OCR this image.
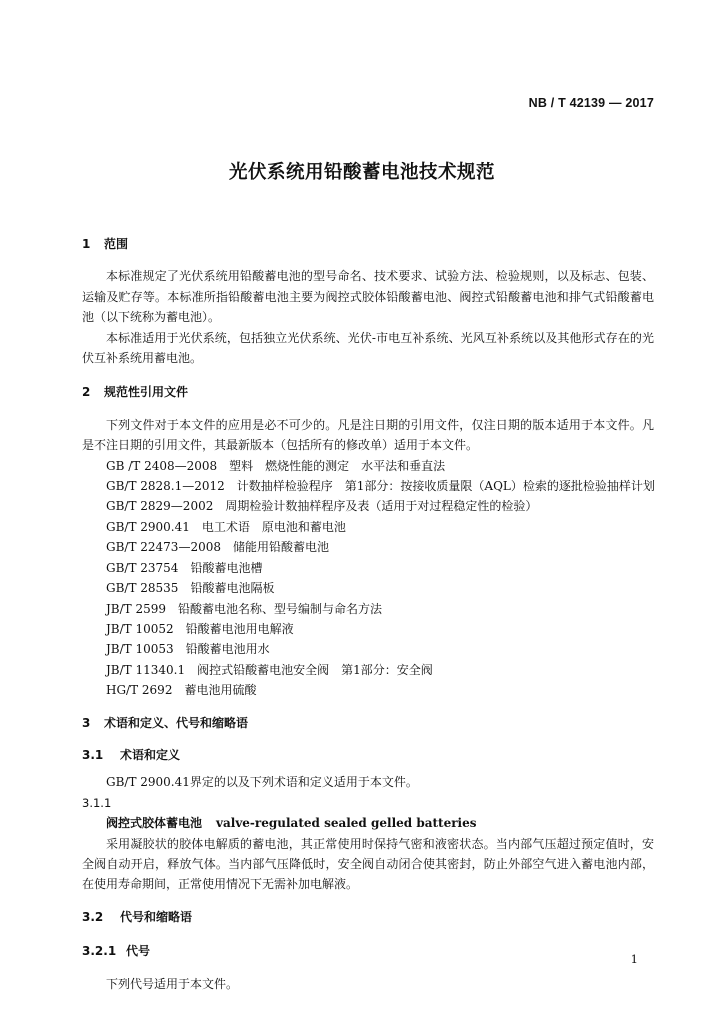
NB / T 42139 — 2017
光伏系统用铅酸蓄电池技术规范
1 范围

本标准规定了光伏系统用铅酸蓄电池的型号命名、技术要求、试验方法、检验规则，以及标志、包装、运输及贮存等。本标准所指铅酸蓄电池主要为阀控式胶体铅酸蓄电池、阀控式铅酸蓄电池和排气式铅酸蓄电池（以下统称为蓄电池）。

本标准适用于光伏系统，包括独立光伏系统、光伏-市电互补系统、光风互补系统以及其他形式存在的光伏互补系统用蓄电池。

2 规范性引用文件

下列文件对于本文件的应用是必不可少的。凡是注日期的引用文件，仅注日期的版本适用于本文件。凡是不注日期的引用文件，其最新版本（包括所有的修改单）适用于本文件。

GB /T 2408—2008　塑料　燃烧性能的测定　水平法和垂直法

GB/T 2828.1—2012　计数抽样检验程序　第1部分：按接收质量限（AQL）检索的逐批检验抽样计划

GB/T 2829—2002　周期检验计数抽样程序及表（适用于对过程稳定性的检验）

GB/T 2900.41　电工术语　原电池和蓄电池

GB/T 22473—2008　储能用铅酸蓄电池

GB/T 23754　铅酸蓄电池槽

GB/T 28535　铅酸蓄电池隔板

JB/T 2599　铅酸蓄电池名称、型号编制与命名方法

JB/T 10052　铅酸蓄电池用电解液

JB/T 10053　铅酸蓄电池用水

JB/T 11340.1　阀控式铅酸蓄电池安全阀　第1部分：安全阀

HG/T 2692　蓄电池用硫酸

3 术语和定义、代号和缩略语
3.1 术语和定义

GB/T 2900.41界定的以及下列术语和定义适用于本文件。

3.1.1

阀控式胶体蓄电池 valve-regulated sealed gelled batteries

采用凝胶状的胶体电解质的蓄电池，其正常使用时保持气密和液密状态。当内部气压超过预定值时，安全阀自动开启，释放气体。当内部气压降低时，安全阀自动闭合使其密封，防止外部空气进入蓄电池内部，在使用寿命期间，正常使用情况下无需补加电解液。

3.2 代号和缩略语
3.2.1 代号

下列代号适用于本文件。

1
